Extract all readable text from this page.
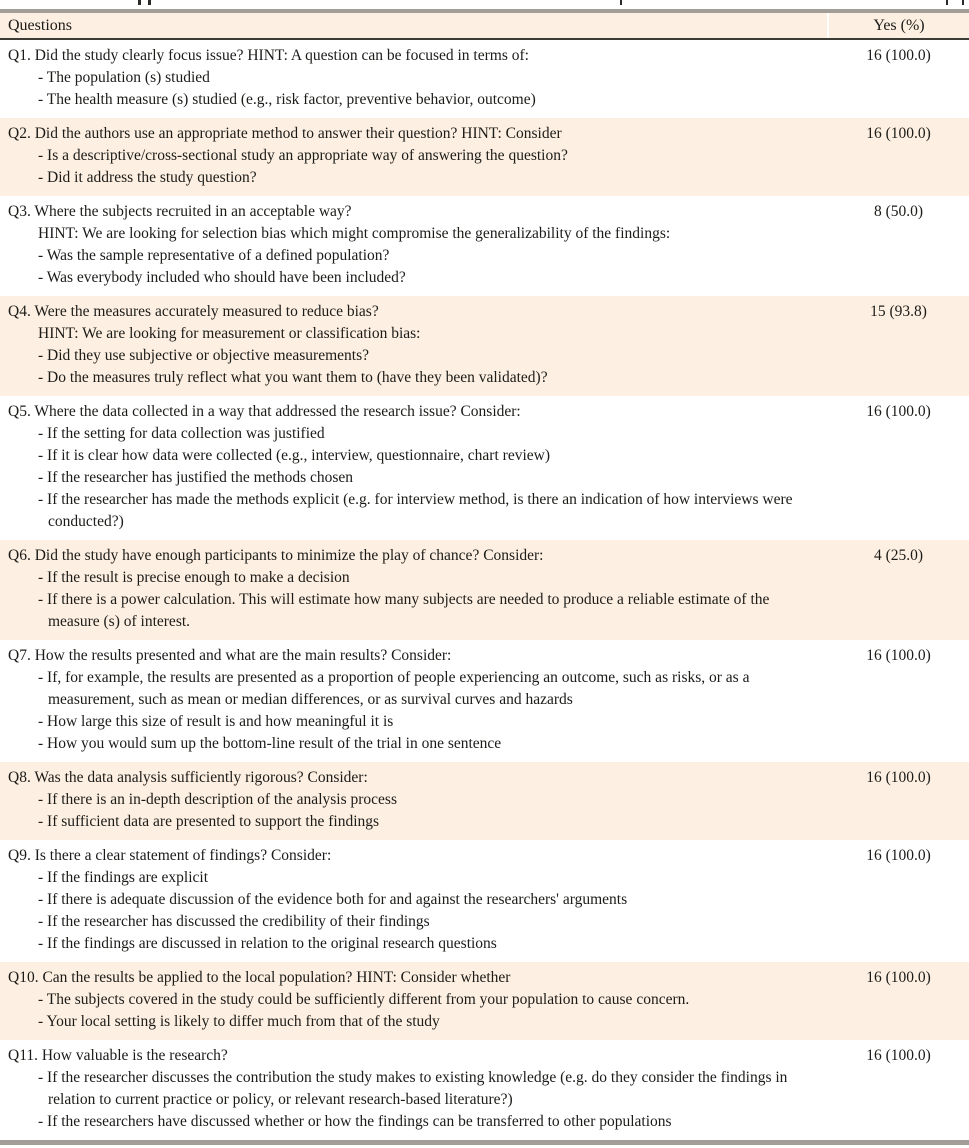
Questions	Yes (%)

Q1. Did the study clearly focus issue? HINT: A question can be focused in terms of:
- The population (s) studied
- The health measure (s) studied (e.g., risk factor, preventive behavior, outcome)	16 (100.0)

Q2. Did the authors use an appropriate method to answer their question? HINT: Consider
- Is a descriptive/cross-sectional study an appropriate way of answering the question?
- Did it address the study question?	16 (100.0)

Q3. Where the subjects recruited in an acceptable way?
HINT: We are looking for selection bias which might compromise the generalizability of the findings:
- Was the sample representative of a defined population?
- Was everybody included who should have been included?	8 (50.0)

Q4. Were the measures accurately measured to reduce bias?
HINT: We are looking for measurement or classification bias:
- Did they use subjective or objective measurements?
- Do the measures truly reflect what you want them to (have they been validated)?	15 (93.8)

Q5. Where the data collected in a way that addressed the research issue? Consider:
- If the setting for data collection was justified
- If it is clear how data were collected (e.g., interview, questionnaire, chart review)
- If the researcher has justified the methods chosen
- If the researcher has made the methods explicit (e.g. for interview method, is there an indication of how interviews were conducted?)	16 (100.0)

Q6. Did the study have enough participants to minimize the play of chance? Consider:
- If the result is precise enough to make a decision
- If there is a power calculation. This will estimate how many subjects are needed to produce a reliable estimate of the measure (s) of interest.	4 (25.0)

Q7. How the results presented and what are the main results? Consider:
- If, for example, the results are presented as a proportion of people experiencing an outcome, such as risks, or as a measurement, such as mean or median differences, or as survival curves and hazards
- How large this size of result is and how meaningful it is
- How you would sum up the bottom-line result of the trial in one sentence	16 (100.0)

Q8. Was the data analysis sufficiently rigorous? Consider:
- If there is an in-depth description of the analysis process
- If sufficient data are presented to support the findings	16 (100.0)

Q9. Is there a clear statement of findings? Consider:
- If the findings are explicit
- If there is adequate discussion of the evidence both for and against the researchers' arguments
- If the researcher has discussed the credibility of their findings
- If the findings are discussed in relation to the original research questions	16 (100.0)

Q10. Can the results be applied to the local population? HINT: Consider whether
- The subjects covered in the study could be sufficiently different from your population to cause concern.
- Your local setting is likely to differ much from that of the study	16 (100.0)

Q11. How valuable is the research?
- If the researcher discusses the contribution the study makes to existing knowledge (e.g. do they consider the findings in relation to current practice or policy, or relevant research-based literature?)
- If the researchers have discussed whether or how the findings can be transferred to other populations	16 (100.0)
